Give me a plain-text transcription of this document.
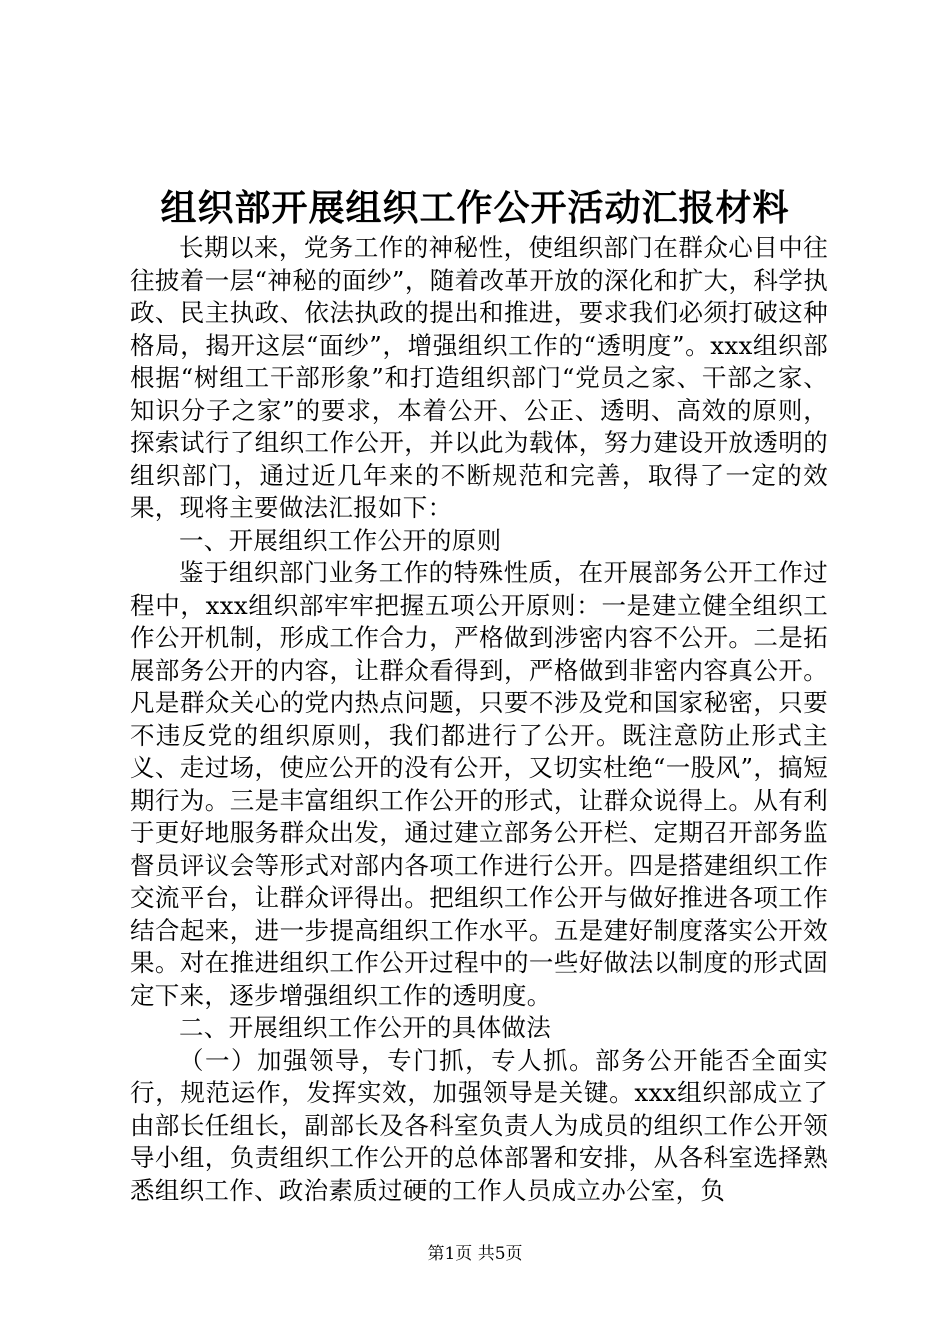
组织部开展组织工作公开活动汇报材料

长期以来，党务工作的神秘性，使组织部门在群众心目中往往披着一层“神秘的面纱”，随着改革开放的深化和扩大，科学执政、民主执政、依法执政的提出和推进，要求我们必须打破这种格局，揭开这层“面纱”，增强组织工作的“透明度”。xxx组织部根据“树组工干部形象”和打造组织部门“党员之家、干部之家、知识分子之家”的要求，本着公开、公正、透明、高效的原则，探索试行了组织工作公开，并以此为载体，努力建设开放透明的组织部门，通过近几年来的不断规范和完善，取得了一定的效果，现将主要做法汇报如下：

一、开展组织工作公开的原则

鉴于组织部门业务工作的特殊性质，在开展部务公开工作过程中，xxx组织部牢牢把握五项公开原则：一是建立健全组织工作公开机制，形成工作合力，严格做到涉密内容不公开。二是拓展部务公开的内容，让群众看得到，严格做到非密内容真公开。凡是群众关心的党内热点问题，只要不涉及党和国家秘密，只要不违反党的组织原则，我们都进行了公开。既注意防止形式主义、走过场，使应公开的没有公开，又切实杜绝“一股风”，搞短期行为。三是丰富组织工作公开的形式，让群众说得上。从有利于更好地服务群众出发，通过建立部务公开栏、定期召开部务监督员评议会等形式对部内各项工作进行公开。四是搭建组织工作交流平台，让群众评得出。把组织工作公开与做好推进各项工作结合起来，进一步提高组织工作水平。五是建好制度落实公开效果。对在推进组织工作公开过程中的一些好做法以制度的形式固定下来，逐步增强组织工作的透明度。

二、开展组织工作公开的具体做法

（一）加强领导，专门抓，专人抓。部务公开能否全面实行，规范运作，发挥实效，加强领导是关键。xxx组织部成立了由部长任组长，副部长及各科室负责人为成员的组织工作公开领导小组，负责组织工作公开的总体部署和安排，从各科室选择熟悉组织工作、政治素质过硬的工作人员成立办公室，负

第1页 共5页
